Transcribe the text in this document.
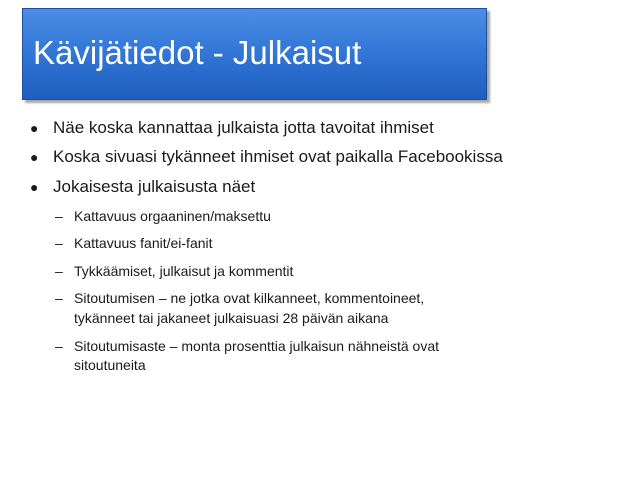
Kävijätiedot - Julkaisut
● Näe koska kannattaa julkaista jotta tavoitat ihmiset
● Koska sivuasi tykänneet ihmiset ovat paikalla Facebookissa
● Jokaisesta julkaisusta näet
– Kattavuus orgaaninen/maksettu
– Kattavuus fanit/ei-fanit
– Tykkäämiset, julkaisut ja kommentit
– Sitoutumisen – ne jotka ovat kilkanneet, kommentoineet,
tykänneet tai jakaneet julkaisuasi 28 päivän aikana
– Sitoutumisaste – monta prosenttia julkaisun nähneistä ovat
sitoutuneita
